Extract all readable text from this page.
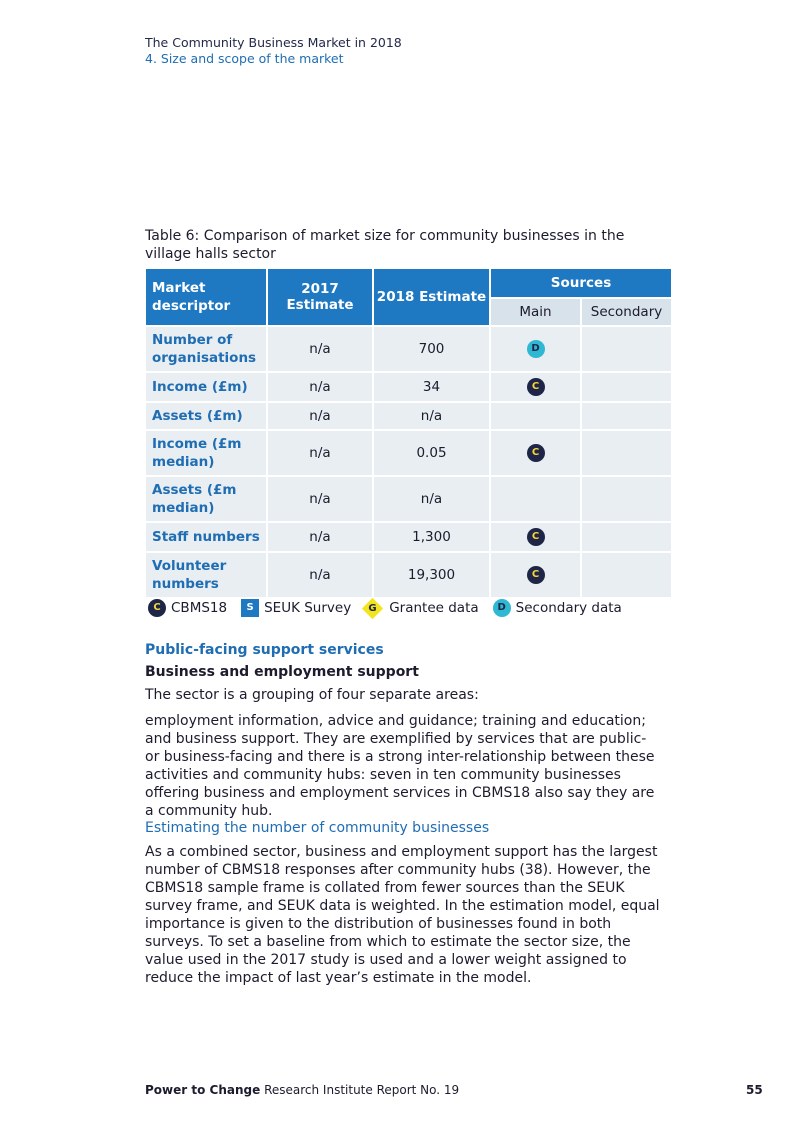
The Community Business Market in 2018
4. Size and scope of the market
Table 6: Comparison of market size for community businesses in the village halls sector
Market descriptor	2017 Estimate	2018 Estimate	Sources	
			Main	Secondary
Number of organisations	n/a	700	D	
Income (£m)	n/a	34	C	
Assets (£m)	n/a	n/a		
Income (£m median)	n/a	0.05	C	
Assets (£m median)	n/a	n/a		
Staff numbers	n/a	1,300	C	
Volunteer numbers	n/a	19,300	C	
C CBMS18	S SEUK Survey	G Grantee data	D Secondary data
Public-facing support services
Business and employment support
The sector is a grouping of four separate areas:
employment information, advice and guidance; training and education; and business support. They are exemplified by services that are public- or business-facing and there is a strong inter-relationship between these activities and community hubs: seven in ten community businesses offering business and employment services in CBMS18 also say they are a community hub.
Estimating the number of community businesses
As a combined sector, business and employment support has the largest number of CBMS18 responses after community hubs (38). However, the CBMS18 sample frame is collated from fewer sources than the SEUK survey frame, and SEUK data is weighted. In the estimation model, equal importance is given to the distribution of businesses found in both surveys. To set a baseline from which to estimate the sector size, the value used in the 2017 study is used and a lower weight assigned to reduce the impact of last year’s estimate in the model.
Power to Change Research Institute Report No. 19	55
